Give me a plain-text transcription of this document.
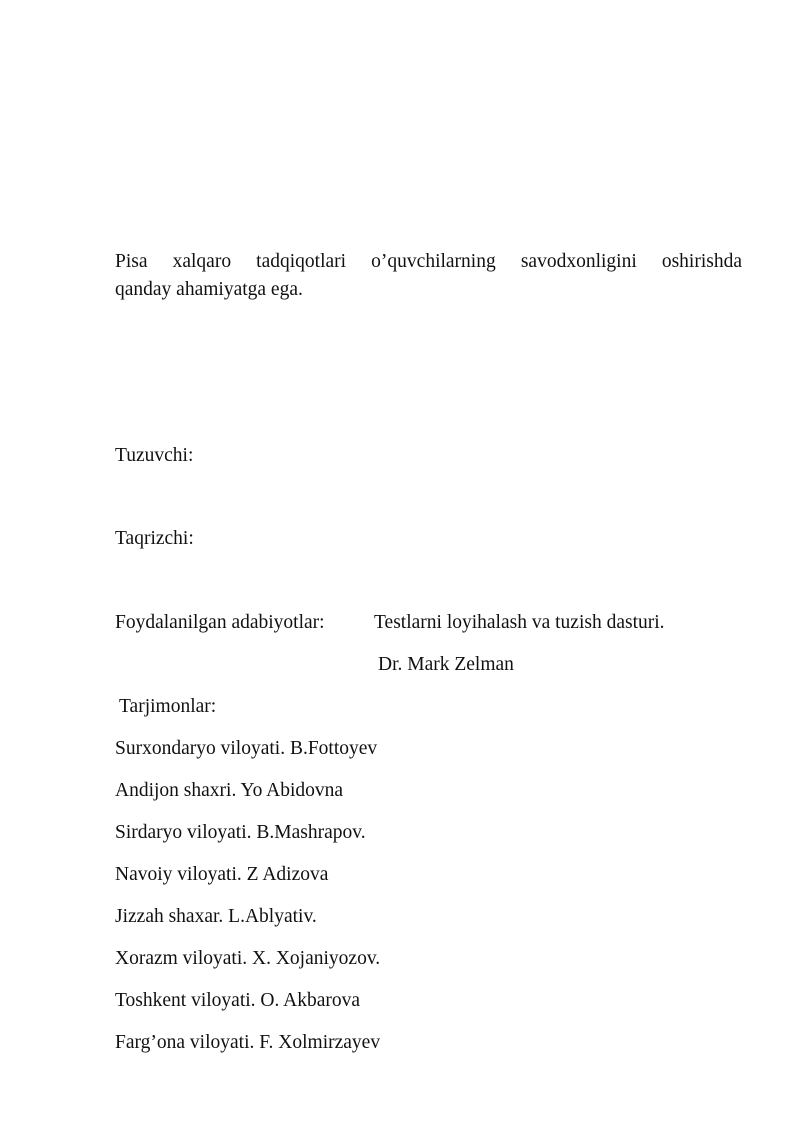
Pisa xalqaro tadqiqotlari o’quvchilarning savodxonligini oshirishda
qanday ahamiyatga ega.
Tuzuvchi:
Taqrizchi:
Foydalanilgan adabiyotlar:	Testlarni loyihalash va tuzish dasturi.
Dr. Mark Zelman
Tarjimonlar:
Surxondaryo viloyati. B.Fottoyev
Andijon shaxri. Yo Abidovna
Sirdaryo viloyati. B.Mashrapov.
Navoiy viloyati. Z Adizova
Jizzah shaxar. L.Ablyativ.
Xorazm viloyati. X. Xojaniyozov.
Toshkent viloyati. O. Akbarova
Farg’ona viloyati. F. Xolmirzayev
